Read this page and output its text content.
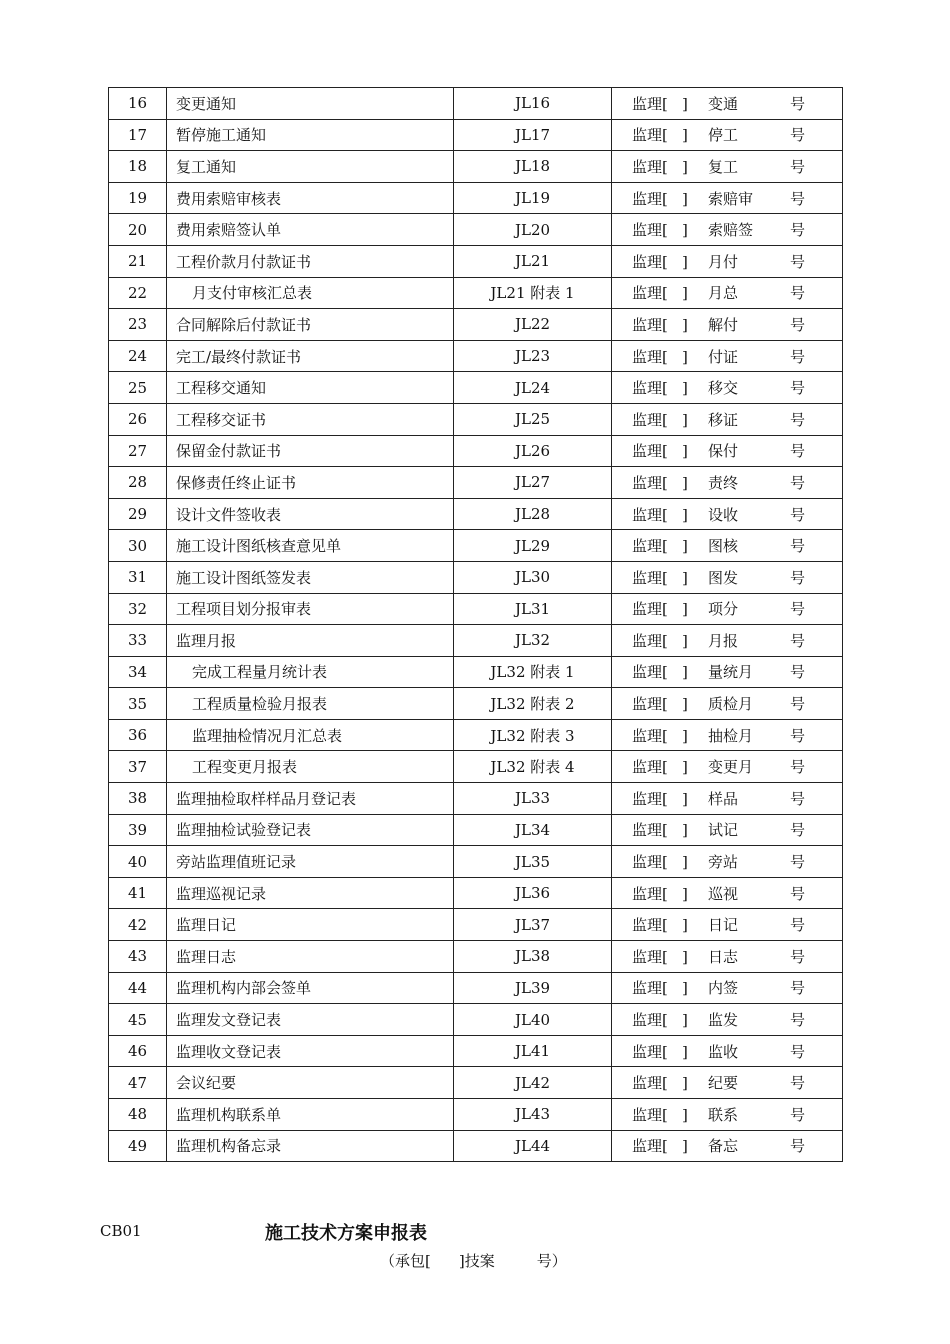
16	变更通知	JL16	监理[ ] 变通 号
17	暂停施工通知	JL17	监理[ ] 停工 号
18	复工通知	JL18	监理[ ] 复工 号
19	费用索赔审核表	JL19	监理[ ] 索赔审 号
20	费用索赔签认单	JL20	监理[ ] 索赔签 号
21	工程价款月付款证书	JL21	监理[ ] 月付 号
22	月支付审核汇总表	JL21 附表 1	监理[ ] 月总 号
23	合同解除后付款证书	JL22	监理[ ] 解付 号
24	完工/最终付款证书	JL23	监理[ ] 付证 号
25	工程移交通知	JL24	监理[ ] 移交 号
26	工程移交证书	JL25	监理[ ] 移证 号
27	保留金付款证书	JL26	监理[ ] 保付 号
28	保修责任终止证书	JL27	监理[ ] 责终 号
29	设计文件签收表	JL28	监理[ ] 设收 号
30	施工设计图纸核查意见单	JL29	监理[ ] 图核 号
31	施工设计图纸签发表	JL30	监理[ ] 图发 号
32	工程项目划分报审表	JL31	监理[ ] 项分 号
33	监理月报	JL32	监理[ ] 月报 号
34	完成工程量月统计表	JL32 附表 1	监理[ ] 量统月 号
35	工程质量检验月报表	JL32 附表 2	监理[ ] 质检月 号
36	监理抽检情况月汇总表	JL32 附表 3	监理[ ] 抽检月 号
37	工程变更月报表	JL32 附表 4	监理[ ] 变更月 号
38	监理抽检取样样品月登记表	JL33	监理[ ] 样品 号
39	监理抽检试验登记表	JL34	监理[ ] 试记 号
40	旁站监理值班记录	JL35	监理[ ] 旁站 号
41	监理巡视记录	JL36	监理[ ] 巡视 号
42	监理日记	JL37	监理[ ] 日记 号
43	监理日志	JL38	监理[ ] 日志 号
44	监理机构内部会签单	JL39	监理[ ] 内签 号
45	监理发文登记表	JL40	监理[ ] 监发 号
46	监理收文登记表	JL41	监理[ ] 监收 号
47	会议纪要	JL42	监理[ ] 纪要 号
48	监理机构联系单	JL43	监理[ ] 联系 号
49	监理机构备忘录	JL44	监理[ ] 备忘 号
CB01	施工技术方案申报表
（承包[ ]技案	号）
